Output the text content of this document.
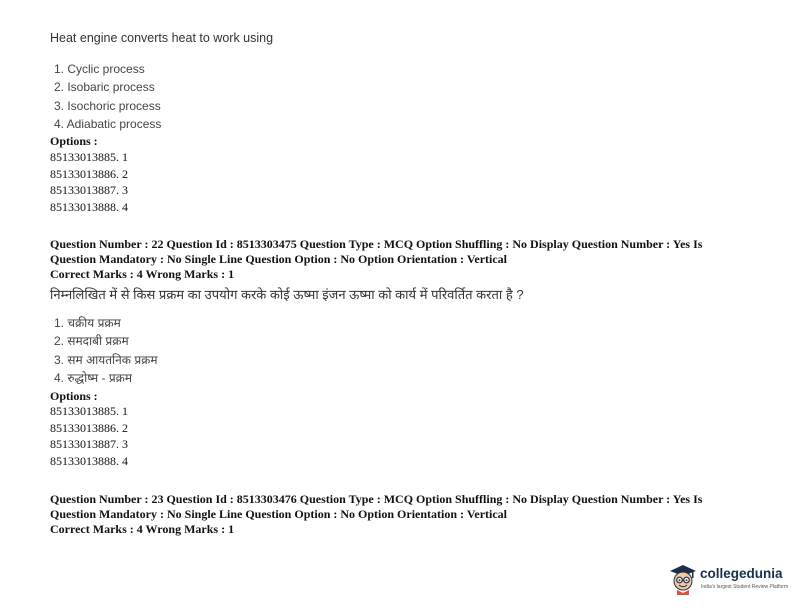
Heat engine converts heat to work using
1. Cyclic process
2. Isobaric process
3. Isochoric process
4. Adiabatic process
Options :
85133013885. 1
85133013886. 2
85133013887. 3
85133013888. 4
Question Number : 22 Question Id : 8513303475 Question Type : MCQ Option Shuffling : No Display Question Number : Yes Is
Question Mandatory : No Single Line Question Option : No Option Orientation : Vertical
Correct Marks : 4 Wrong Marks : 1
निम्नलिखित में से किस प्रक्रम का उपयोग करके कोई ऊष्मा इंजन ऊष्मा को कार्य में परिवर्तित करता है ?
1. चक्रीय प्रक्रम
2. समदाबी प्रक्रम
3. सम आयतनिक प्रक्रम
4. रुद्धोष्म - प्रक्रम
Options :
85133013885. 1
85133013886. 2
85133013887. 3
85133013888. 4
Question Number : 23 Question Id : 8513303476 Question Type : MCQ Option Shuffling : No Display Question Number : Yes Is
Question Mandatory : No Single Line Question Option : No Option Orientation : Vertical
Correct Marks : 4 Wrong Marks : 1
collegedunia
India's largest Student Review Platform
